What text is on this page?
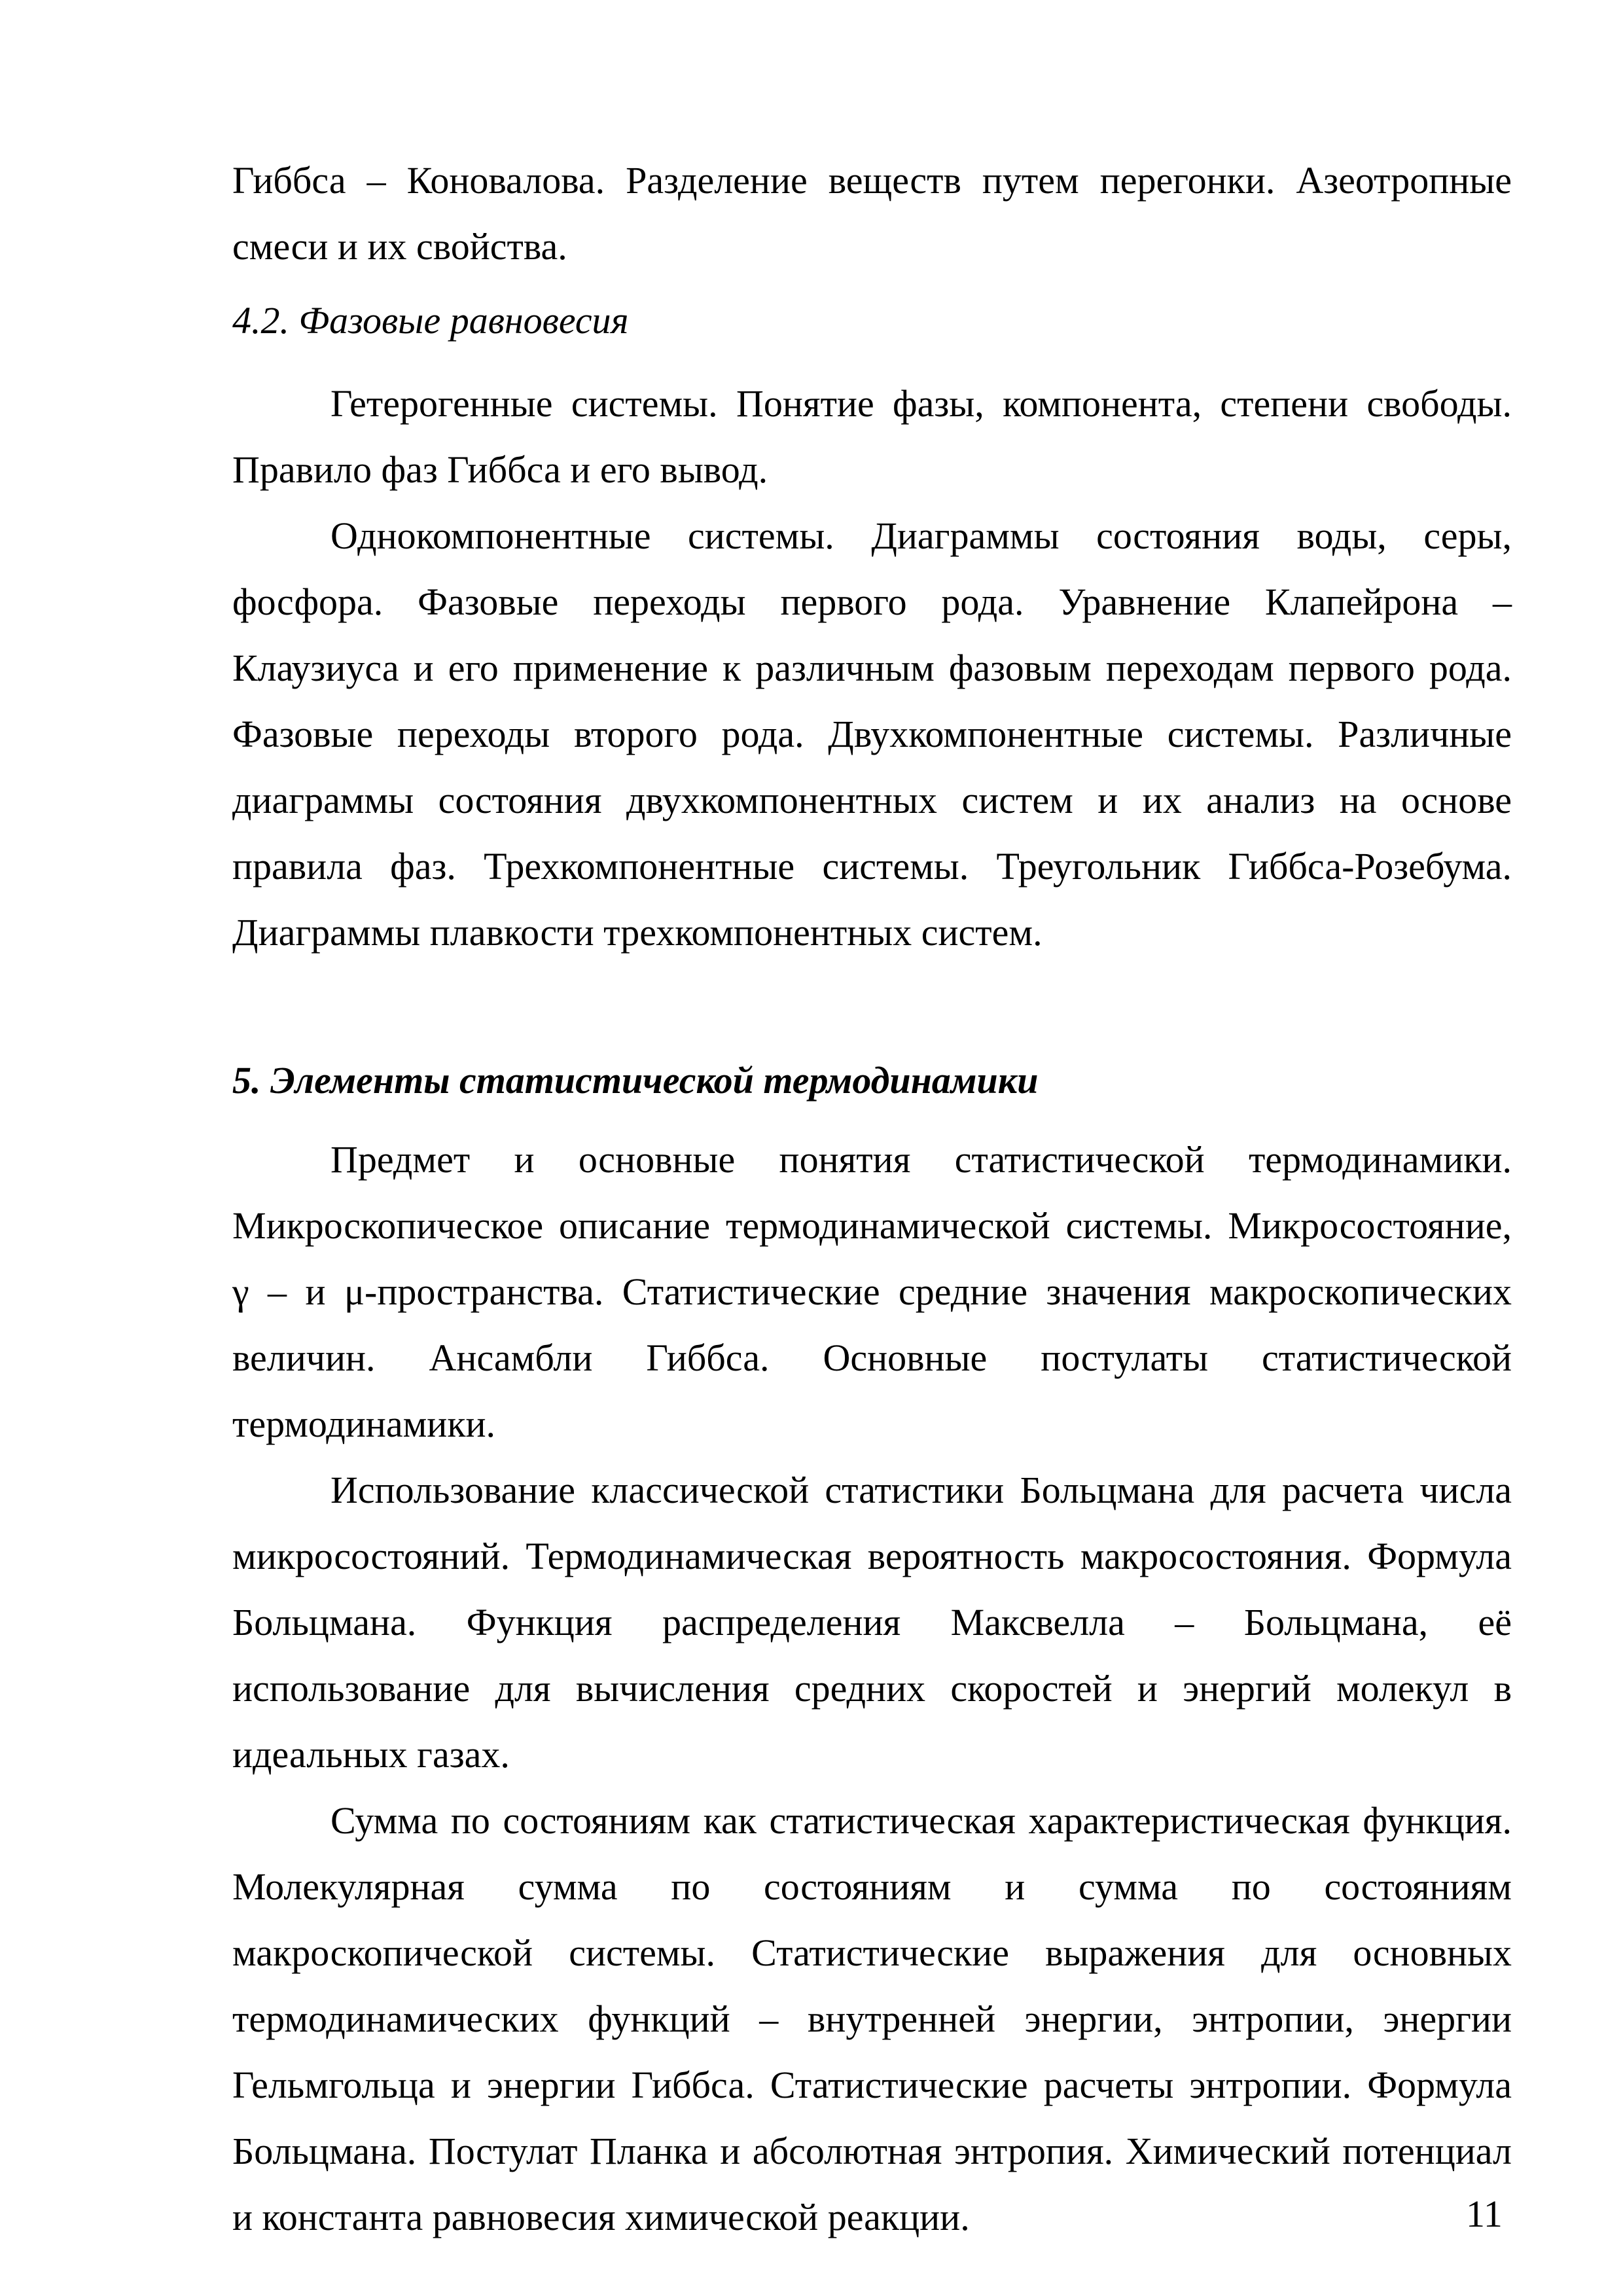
Гиббса – Коновалова. Разделение веществ путем перегонки. Азеотропные смеси и их свойства.

4.2. Фазовые равновесия

Гетерогенные системы. Понятие фазы, компонента, степени свободы. Правило фаз Гиббса и его вывод.

Однокомпонентные системы. Диаграммы состояния воды, серы, фосфора. Фазовые переходы первого рода. Уравнение Клапейрона – Клаузиуса и его применение к различным фазовым переходам первого рода. Фазовые переходы второго рода. Двухкомпонентные системы. Различные диаграммы состояния двухкомпонентных систем и их анализ на основе правила фаз. Трехкомпонентные системы. Треугольник Гиббса-Розебума. Диаграммы плавкости трехкомпонентных систем.

5. Элементы статистической термодинамики

Предмет и основные понятия статистической термодинамики. Микроскопическое описание термодинамической системы. Микросостояние, γ – и μ-пространства. Статистические средние значения макроскопических величин. Ансамбли Гиббса. Основные постулаты статистической термодинамики.

Использование классической статистики Больцмана для расчета числа микросостояний. Термодинамическая вероятность макросостояния. Формула Больцмана. Функция распределения Максвелла – Больцмана, её использование для вычисления средних скоростей и энергий молекул в идеальных газах.

Сумма по состояниям как статистическая характеристическая функция. Молекулярная сумма по состояниям и сумма по состояниям макроскопической системы. Статистические выражения для основных термодинамических функций – внутренней энергии, энтропии, энергии Гельмгольца и энергии Гиббса. Статистические расчеты энтропии. Формула Больцмана. Постулат Планка и абсолютная энтропия. Химический потенциал и константа равновесия химической реакции.	11
